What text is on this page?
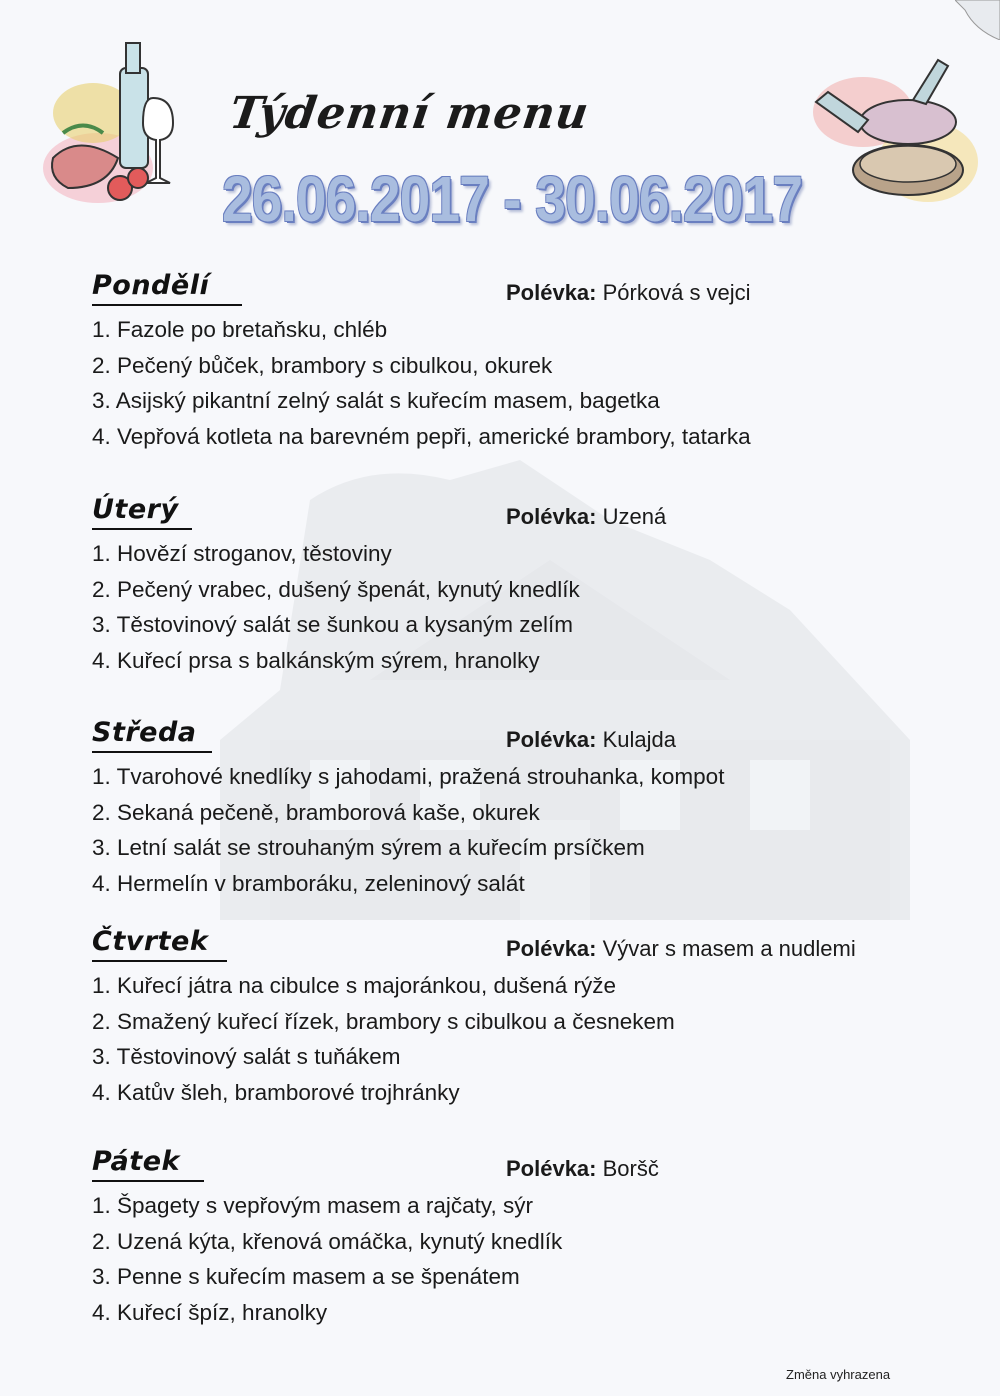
Týdenní menu
26.06.2017 - 30.06.2017
Pondělí	Polévka: Pórková s vejci
1. Fazole po bretaňsku, chléb
2. Pečený bůček, brambory s cibulkou, okurek
3. Asijský pikantní zelný salát s kuřecím masem, bagetka
4. Vepřová kotleta na barevném pepři, americké brambory, tatarka
Úterý	Polévka: Uzená
1. Hovězí stroganov, těstoviny
2. Pečený vrabec, dušený špenát, kynutý knedlík
3. Těstovinový salát se šunkou a kysaným zelím
4. Kuřecí prsa s balkánským sýrem, hranolky
Středa	Polévka: Kulajda
1. Tvarohové knedlíky s jahodami, pražená strouhanka, kompot
2. Sekaná pečeně, bramborová kaše, okurek
3. Letní salát se strouhaným sýrem a kuřecím prsíčkem
4. Hermelín v bramboráku, zeleninový salát
Čtvrtek	Polévka: Vývar s masem a nudlemi
1. Kuřecí játra na cibulce s majoránkou, dušená rýže
2. Smažený kuřecí řízek, brambory s cibulkou a česnekem
3. Těstovinový salát s tuňákem
4. Katův šleh, bramborové trojhránky
Pátek	Polévka: Boršč
1. Špagety s vepřovým masem a rajčaty, sýr
2. Uzená kýta, křenová omáčka, kynutý knedlík
3. Penne s kuřecím masem a se špenátem
4. Kuřecí špíz, hranolky
Změna vyhrazena
